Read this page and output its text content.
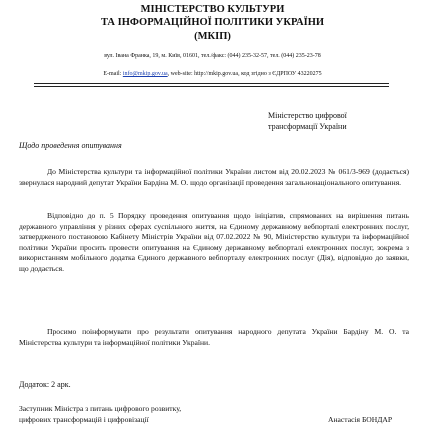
МІНІСТЕРСТВО КУЛЬТУРИ
ТА ІНФОРМАЦІЙНОЇ ПОЛІТИКИ УКРАЇНИ
(МКІП)
вул. Івана Франка, 19, м. Київ, 01601, тел./факс: (044) 235-32-57, тел. (044) 235-23-78
E-mail: info@mkip.gov.ua, web-site: http://mkip.gov.ua, код згідно з ЄДРПОУ 43220275
Міністерство цифрової
трансформації України
Щодо проведення опитування

До Міністерства культури та інформаційної політики України листом від 20.02.2023 № 061/3-969 (додається) звернулася народний депутат України Бардіна М. О. щодо організації проведення загальнонаціонального опитування.

Відповідно до п. 5 Порядку проведення опитування щодо ініціатив, спрямованих на вирішення питань державного управління у різних сферах суспільного життя, на Єдиному державному вебпорталі електронних послуг, затвердженого постановою Кабінету Міністрів України від 07.02.2022 № 90, Міністерство культури та інформаційної політики України просить провести опитування на Єдиному державному вебпорталі електронних послуг, зокрема з використанням мобільного додатка Єдиного державного вебпорталу електронних послуг (Дія), відповідно до заявки, що додається.

Просимо поінформувати про результати опитування народного депутата України Бардіну М. О. та Міністерства культури та інформаційної політики України.

Додаток: 2 арк.
Заступник Міністра з питань цифрового розвитку,
цифрових трансформацій і цифровізації	Анастасія БОНДАР
